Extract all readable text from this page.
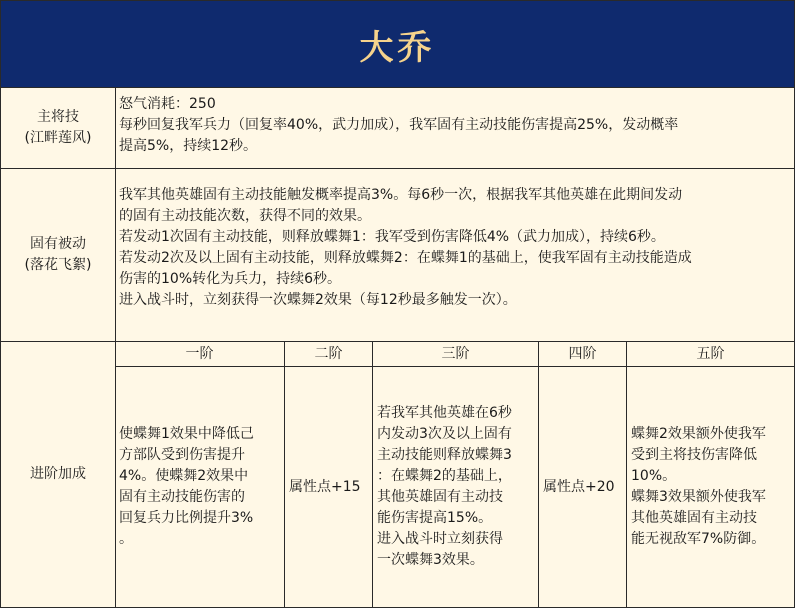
大乔
主将技
(江畔莲风)
怒气消耗：250
每秒回复我军兵力（回复率40%，武力加成），我军固有主动技能伤害提高25%，发动概率
提高5%，持续12秒。
固有被动
(落花飞絮)
我军其他英雄固有主动技能触发概率提高3%。每6秒一次，根据我军其他英雄在此期间发动
的固有主动技能次数，获得不同的效果。
若发动1次固有主动技能，则释放蝶舞1：我军受到伤害降低4%（武力加成），持续6秒。
若发动2次及以上固有主动技能，则释放蝶舞2：在蝶舞1的基础上，使我军固有主动技能造成
伤害的10%转化为兵力，持续6秒。
进入战斗时，立刻获得一次蝶舞2效果（每12秒最多触发一次）。
进阶加成
一阶
使蝶舞1效果中降低己
方部队受到伤害提升
4%。使蝶舞2效果中
固有主动技能伤害的
回复兵力比例提升3%
。
二阶
属性点+15
三阶
若我军其他英雄在6秒
内发动3次及以上固有
主动技能则释放蝶舞3
：在蝶舞2的基础上，
其他英雄固有主动技
能伤害提高15%。
进入战斗时立刻获得
一次蝶舞3效果。
四阶
属性点+20
五阶
蝶舞2效果额外使我军
受到主将技伤害降低
10%。
蝶舞3效果额外使我军
其他英雄固有主动技
能无视敌军7%防御。
